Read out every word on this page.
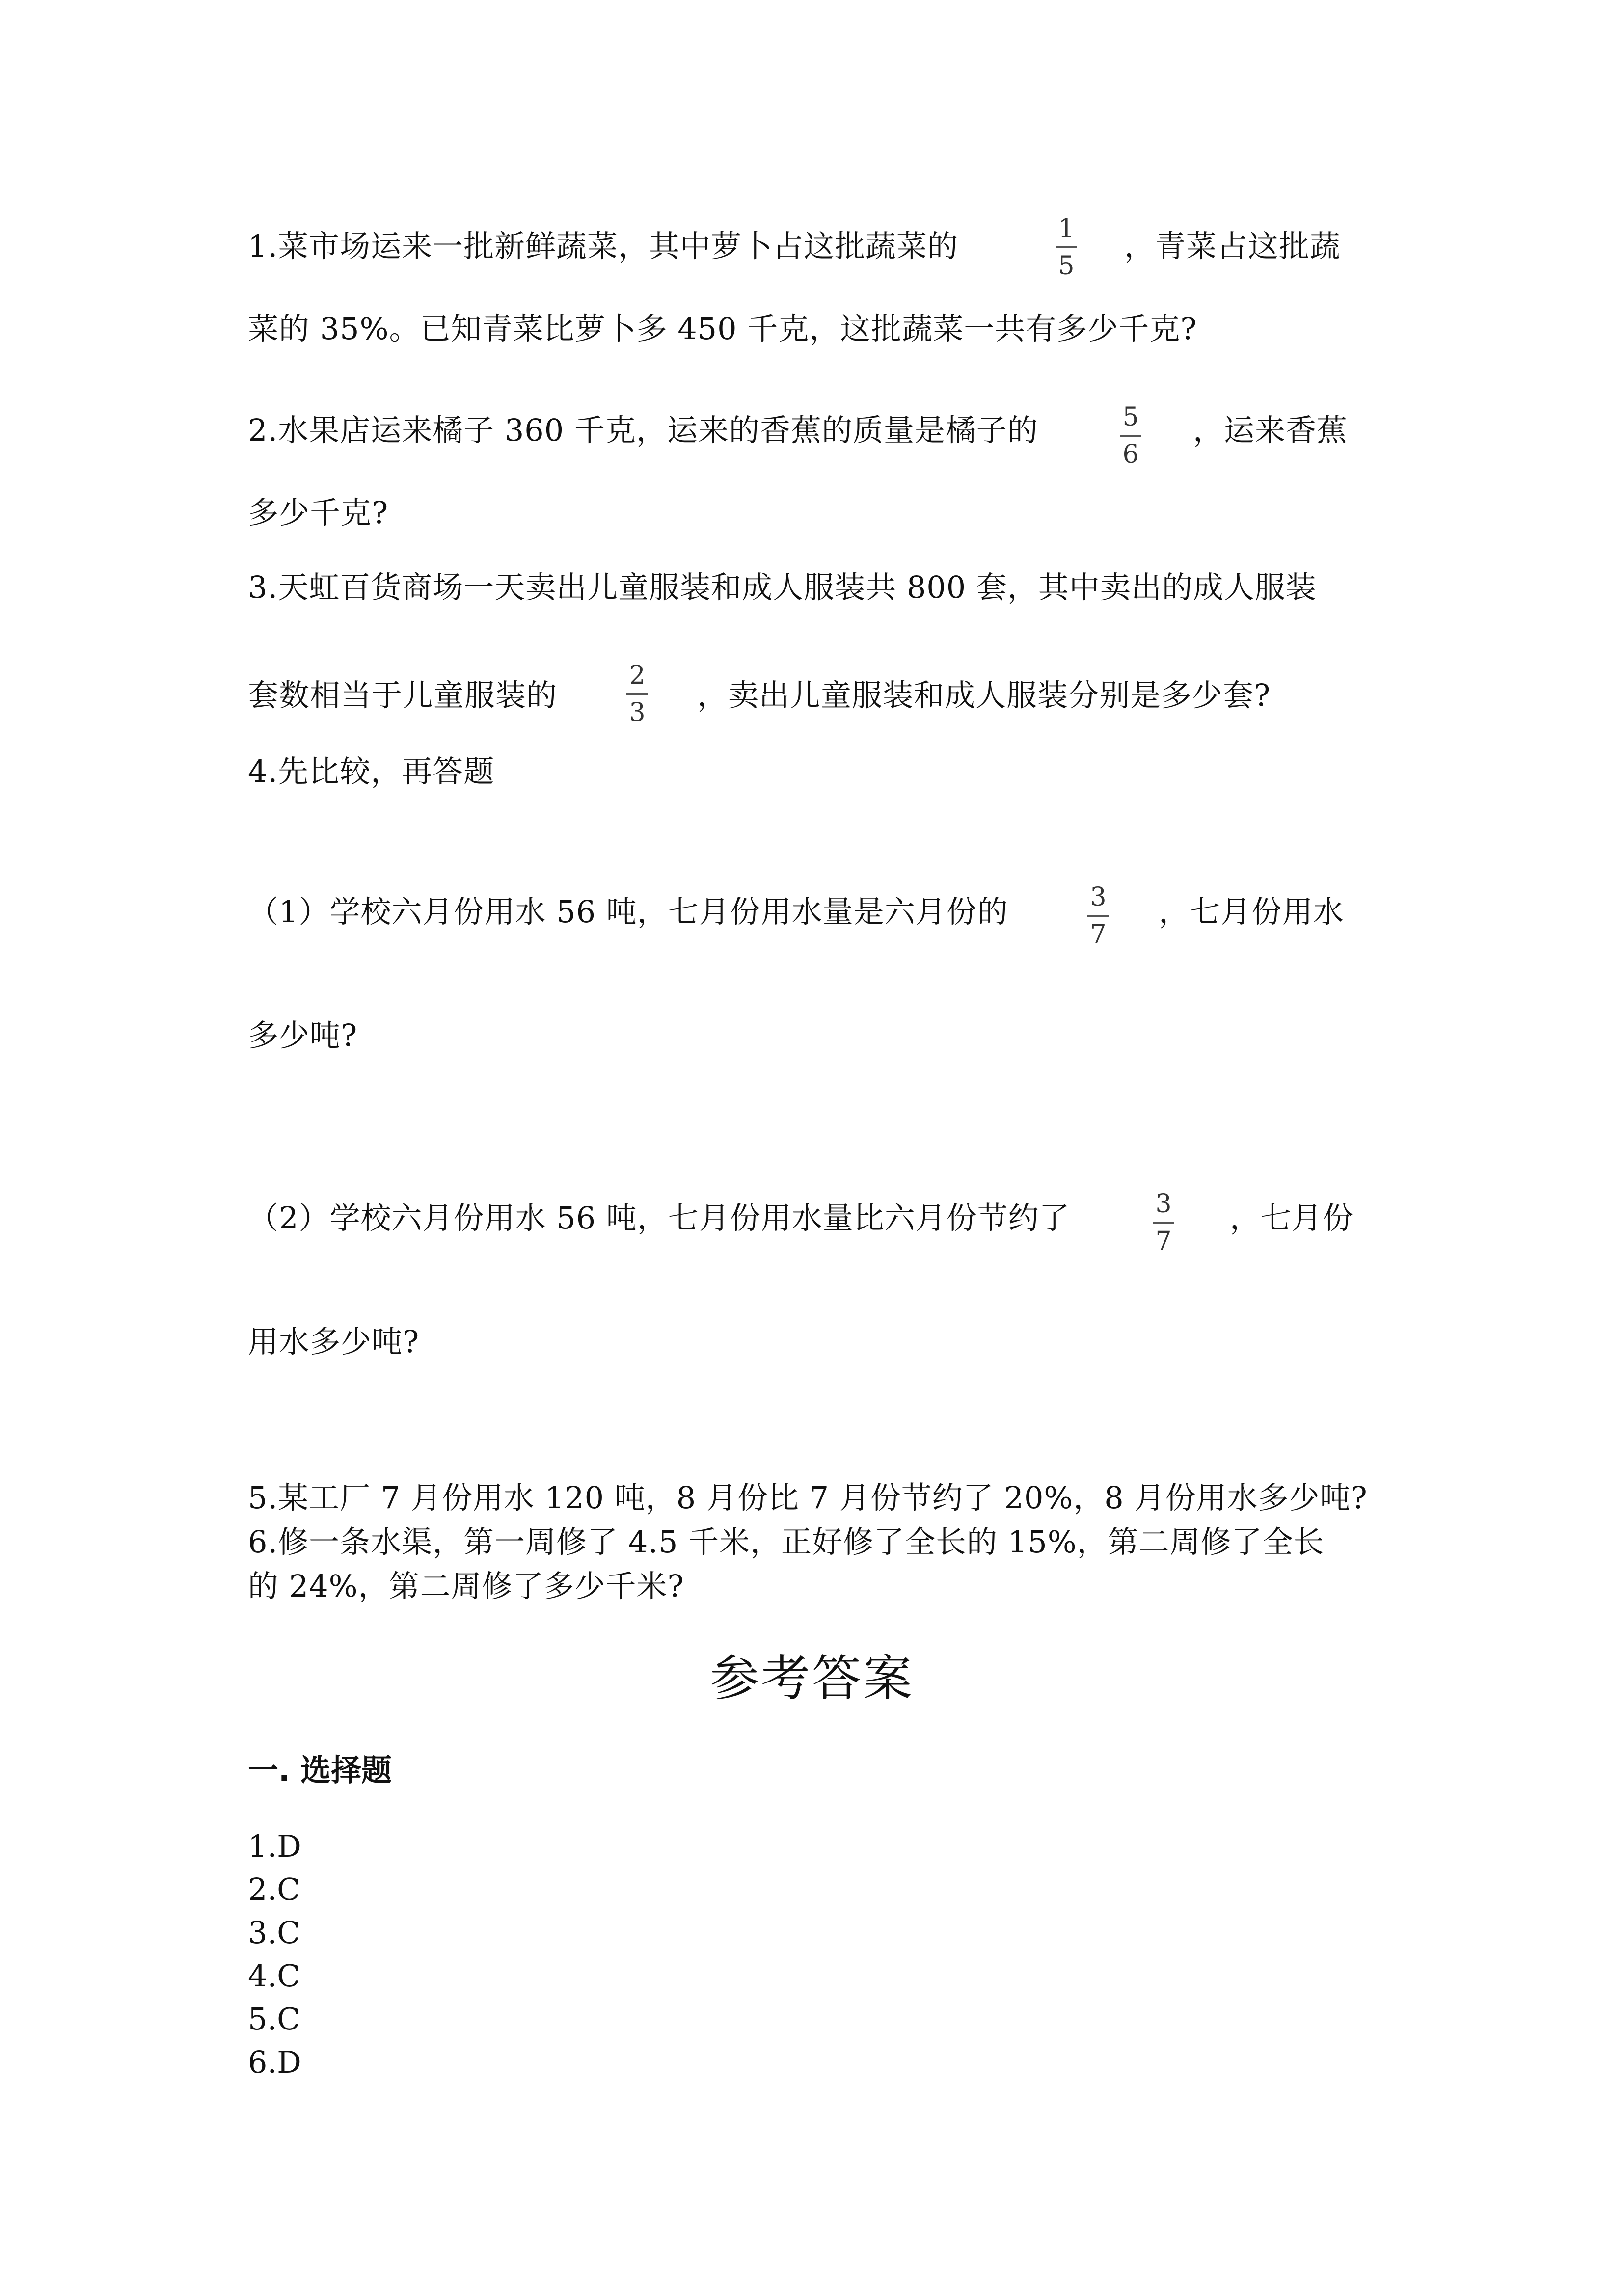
1.菜市场运来一批新鲜蔬菜，其中萝卜占这批蔬菜的	1
5
，青菜占这批蔬
菜的 35%。已知青菜比萝卜多 450 千克，这批蔬菜一共有多少千克?
2.水果店运来橘子 360 千克，运来的香蕉的质量是橘子的	5
6
，运来香蕉
多少千克?
3.天虹百货商场一天卖出儿童服装和成人服装共 800 套，其中卖出的成人服装
套数相当于儿童服装的
2
3 ，卖出儿童服装和成人服装分别是多少套?
4.先比较，再答题
（1）学校六月份用水 56 吨，七月份用水量是六月份的	3
7
，七月份用水
多少吨?
（2）学校六月份用水 56 吨，七月份用水量比六月份节约了	3
7
，七月份
用水多少吨?
5.某工厂 7 月份用水 120 吨，8 月份比 7 月份节约了 20%，8 月份用水多少吨?
6.修一条水渠，第一周修了 4.5 千米，正好修了全长的 15%，第二周修了全长
的 24%，第二周修了多少千米?
参考答案
一. 选择题
1.D
2.C
3.C
4.C
5.C
6.D
